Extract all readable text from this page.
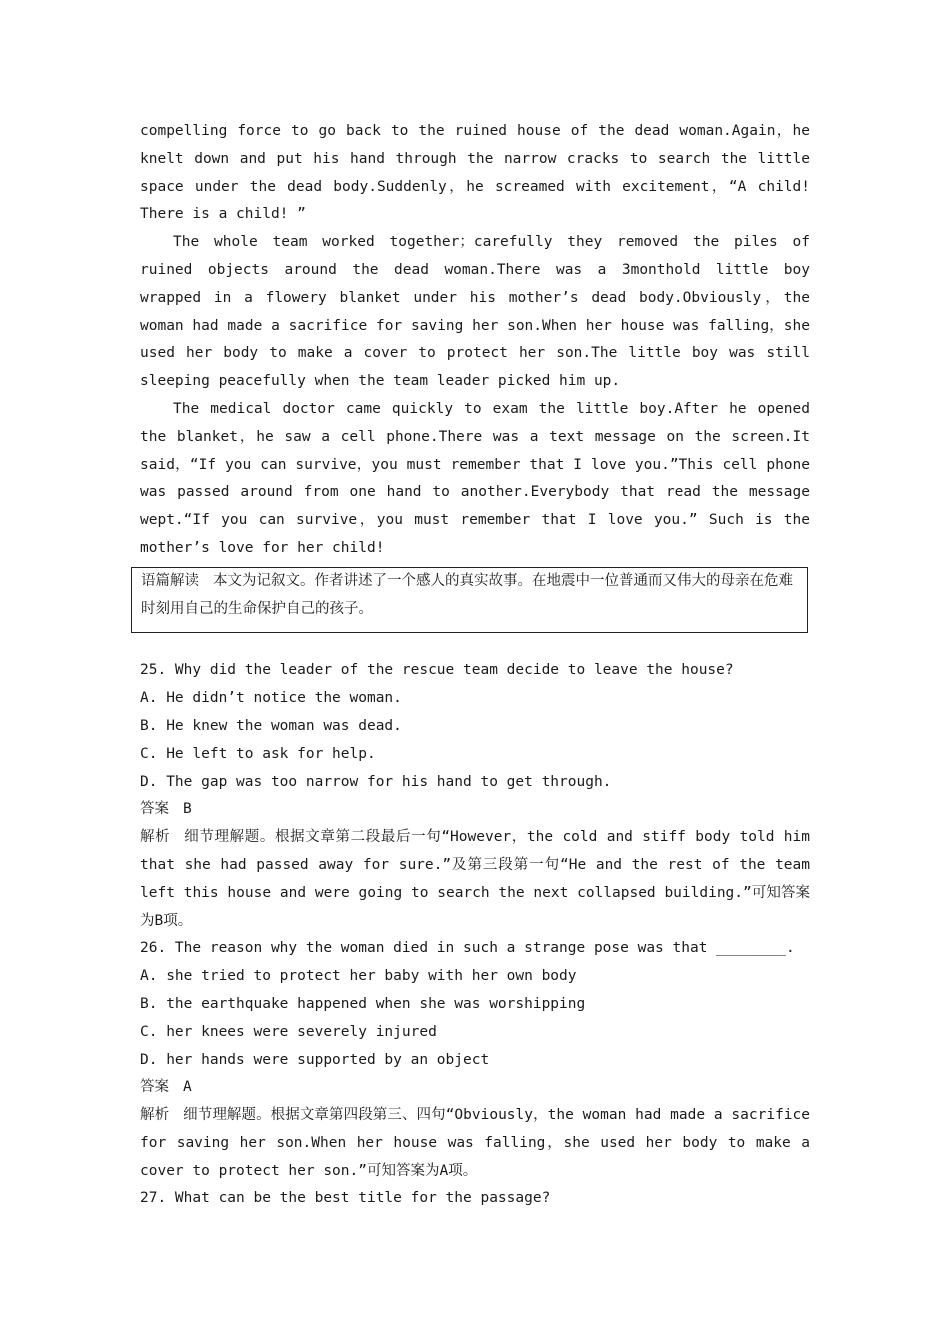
compelling force to go back to the ruined house of the dead woman.Again，he knelt down and put his hand through the narrow cracks to search the little space under the dead body.Suddenly，he screamed with excitement，“A child! There is a child! ”

The whole team worked together；carefully they removed the piles of ruined objects around the dead woman.There was a 3monthold little boy wrapped in a flowery blanket under his mother’s dead body.Obviously，the woman had made a sacrifice for saving her son.When her house was falling，she used her body to make a cover to protect her son.The little boy was still sleeping peacefully when the team leader picked him up.

The medical doctor came quickly to exam the little boy.After he opened the blanket，he saw a cell phone.There was a text message on the screen.It said，“If you can survive，you must remember that I love you.”This cell phone was passed around from one hand to another.Everybody that read the message wept.“If you can survive，you must remember that I love you.” Such is the mother’s love for her child!

语篇解读 本文为记叙文。作者讲述了一个感人的真实故事。在地震中一位普通而又伟大的母亲在危难时刻用自己的生命保护自己的孩子。

25. Why did the leader of the rescue team decide to leave the house?

A. He didn’t notice the woman.

B. He knew the woman was dead.

C. He left to ask for help.

D. The gap was too narrow for his hand to get through.

答案 B

解析 细节理解题。根据文章第二段最后一句“However，the cold and stiff body told him that she had passed away for sure.”及第三段第一句“He and the rest of the team left this house and were going to search the next collapsed building.”可知答案为B项。

26. The reason why the woman died in such a strange pose was that ________.

A. she tried to protect her baby with her own body

B. the earthquake happened when she was worshipping

C. her knees were severely injured

D. her hands were supported by an object

答案 A

解析 细节理解题。根据文章第四段第三、四句“Obviously，the woman had made a sacrifice for saving her son.When her house was falling，she used her body to make a cover to protect her son.”可知答案为A项。

27. What can be the best title for the passage?
